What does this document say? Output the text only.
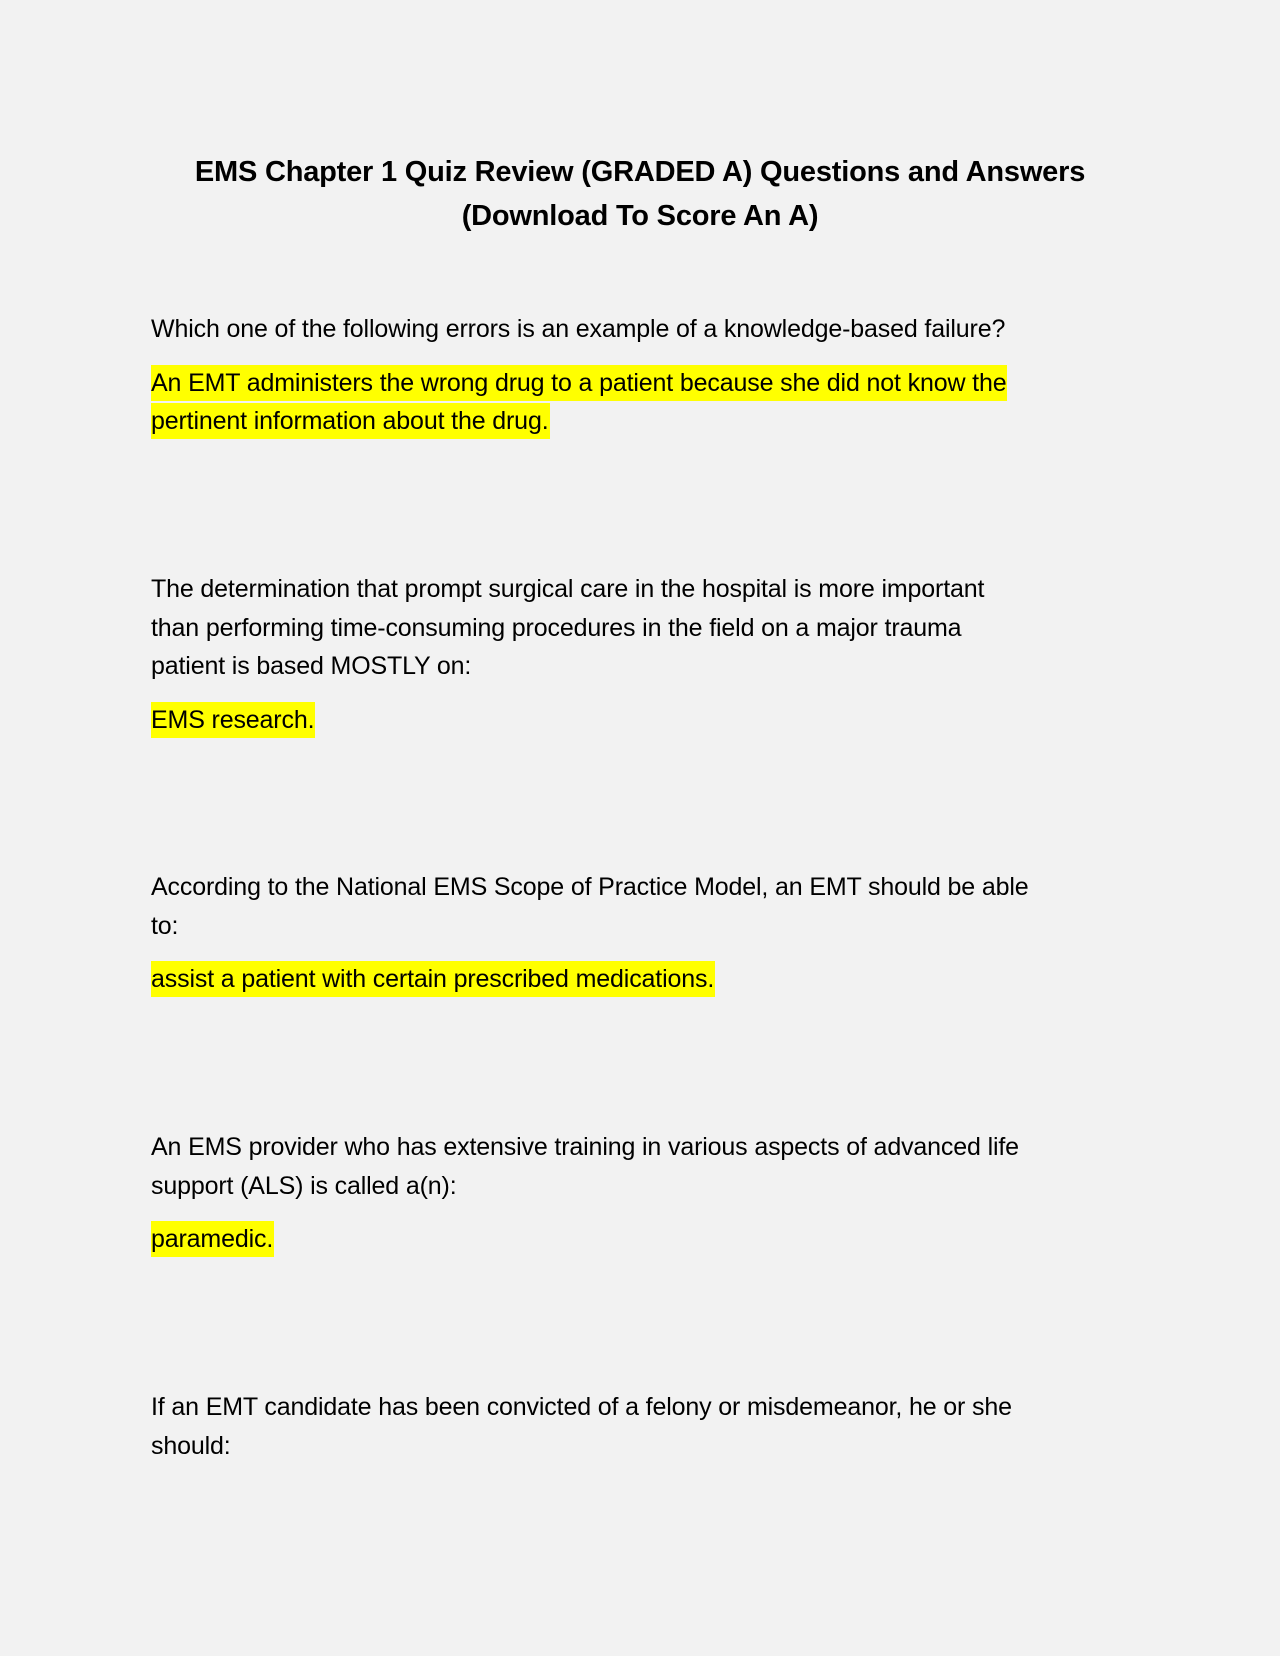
EMS Chapter 1 Quiz Review (GRADED A) Questions and Answers
(Download To Score An A)

Which one of the following errors is an example of a knowledge-based failure?

An EMT administers the wrong drug to a patient because she did not know the
pertinent information about the drug.

The determination that prompt surgical care in the hospital is more important
than performing time-consuming procedures in the field on a major trauma
patient is based MOSTLY on:

EMS research.

According to the National EMS Scope of Practice Model, an EMT should be able
to:

assist a patient with certain prescribed medications.

An EMS provider who has extensive training in various aspects of advanced life
support (ALS) is called a(n):

paramedic.

If an EMT candidate has been convicted of a felony or misdemeanor, he or she
should:
